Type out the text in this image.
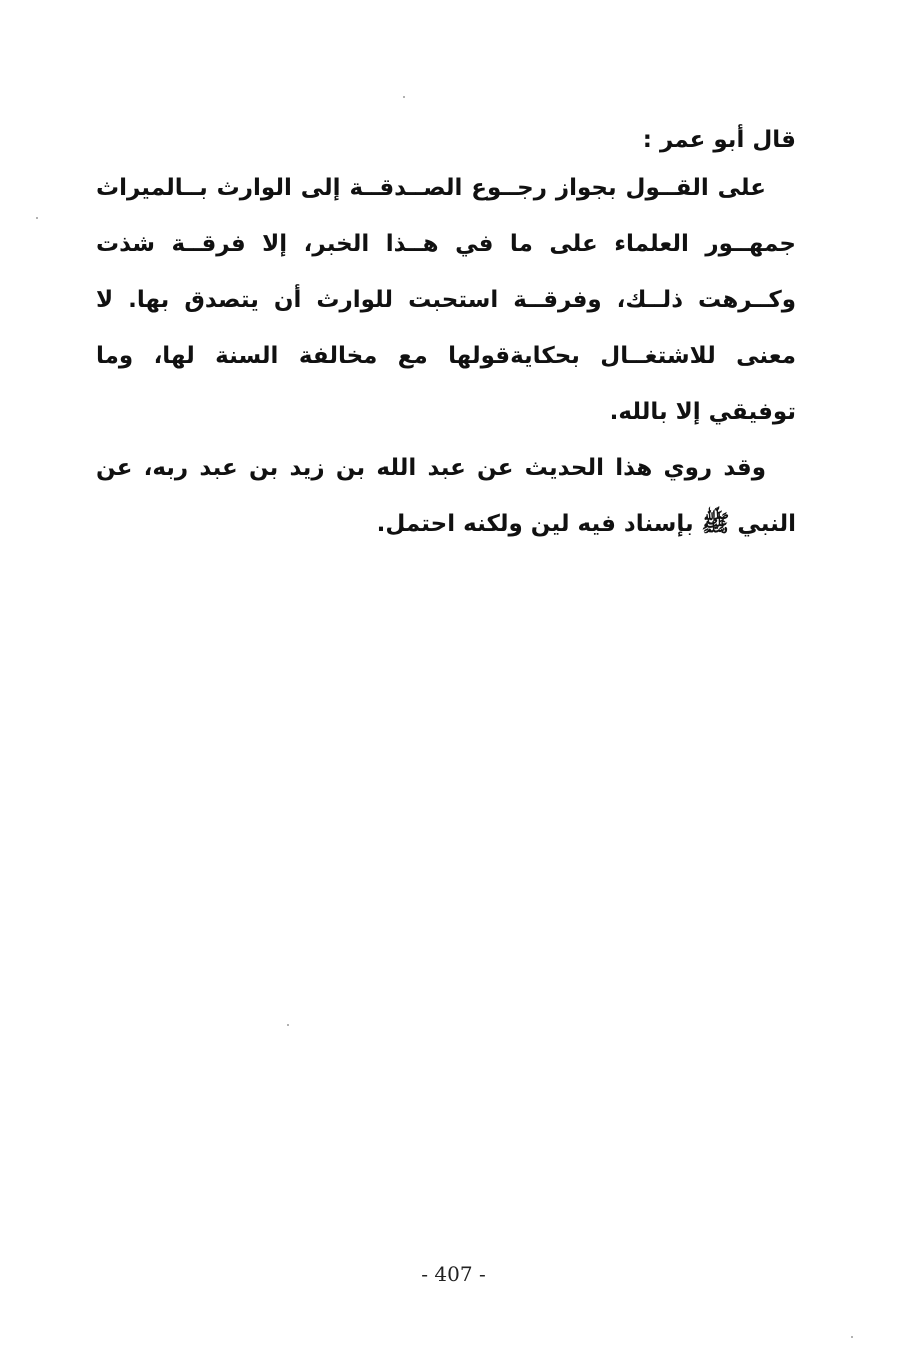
قال أبو عمر :

على القــول بجواز رجــوع الصــدقــة إلى الوارث بــالميراث جمهــور العلماء على ما في هــذا الخبر، إلا فرقــة شذت وكــرهت ذلــك، وفرقــة استحبت للوارث أن يتصدق بها. لا معنى للاشتغــال بحكايةقولها مع مخالفة السنة لها، وما توفيقي إلا بالله.

وقد روي هذا الحديث عن عبد الله بن زيد بن عبد ربه، عن النبي ﷺ بإسناد فيه لين ولكنه احتمل.

- 407 -
